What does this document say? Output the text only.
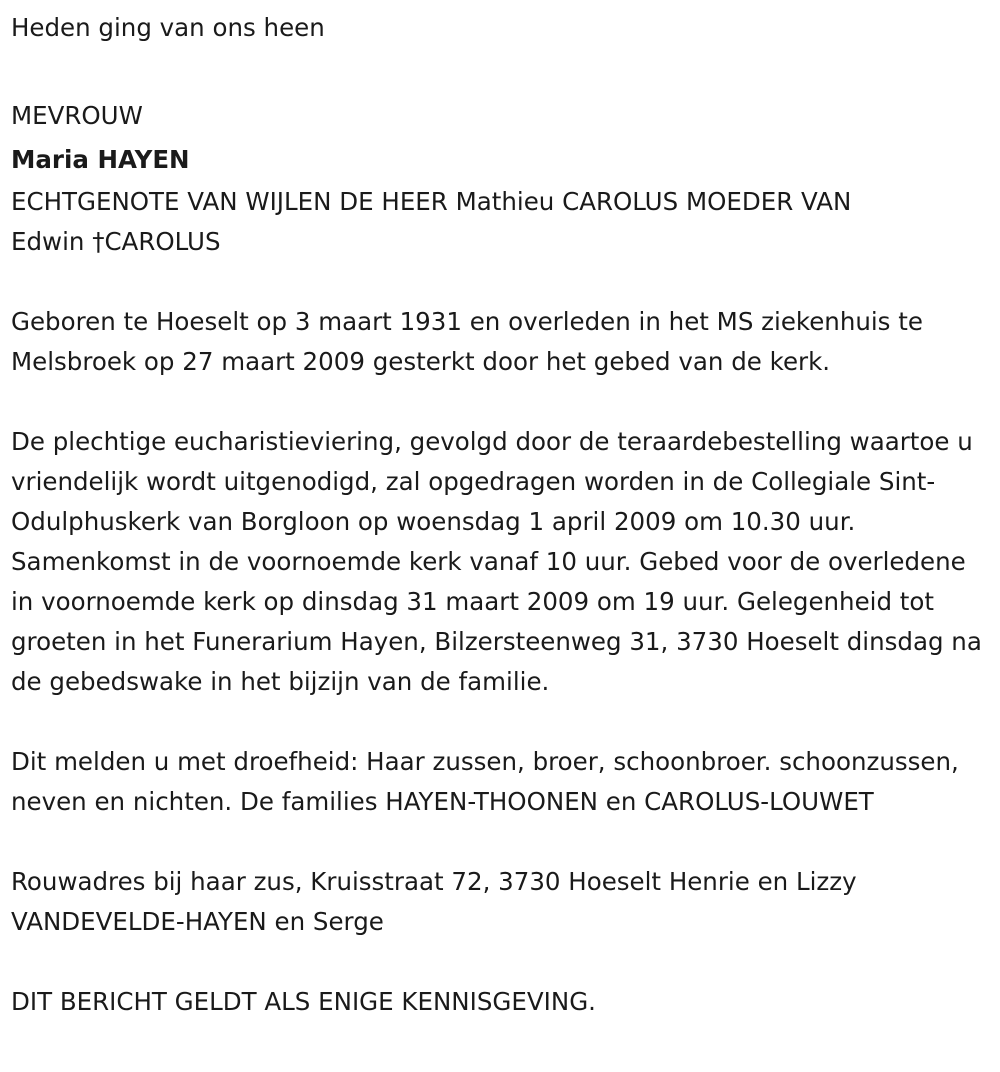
Heden ging van ons heen

MEVROUW

Maria HAYEN

ECHTGENOTE VAN WIJLEN DE HEER Mathieu CAROLUS MOEDER VAN
Edwin †CAROLUS

Geboren te Hoeselt op 3 maart 1931 en overleden in het MS ziekenhuis te Melsbroek op 27 maart 2009 gesterkt door het gebed van de kerk.

De plechtige eucharistieviering, gevolgd door de teraardebestelling waartoe u vriendelijk wordt uitgenodigd, zal opgedragen worden in de Collegiale Sint-Odulphuskerk van Borgloon op woensdag 1 april 2009 om 10.30 uur. Samenkomst in de voornoemde kerk vanaf 10 uur. Gebed voor de overledene in voornoemde kerk op dinsdag 31 maart 2009 om 19 uur. Gelegenheid tot groeten in het Funerarium Hayen, Bilzersteenweg 31, 3730 Hoeselt dinsdag na de gebedswake in het bijzijn van de familie.

Dit melden u met droefheid: Haar zussen, broer, schoonbroer. schoonzussen, neven en nichten. De families HAYEN-THOONEN en CAROLUS-LOUWET

Rouwadres bij haar zus, Kruisstraat 72, 3730 Hoeselt Henrie en Lizzy VANDEVELDE-HAYEN en Serge

DIT BERICHT GELDT ALS ENIGE KENNISGEVING.
